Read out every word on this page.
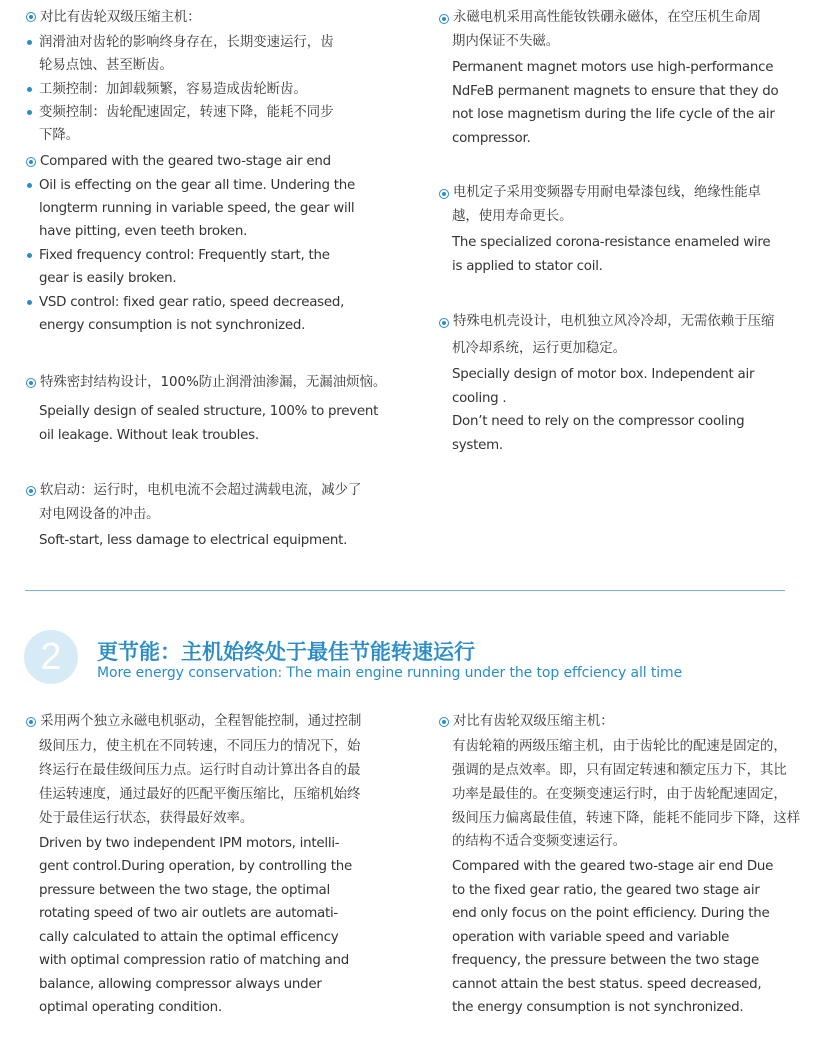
对比有齿轮双级压缩主机：
润滑油对齿轮的影响终身存在，长期变速运行，齿
轮易点蚀、甚至断齿。
工频控制：加卸载频繁，容易造成齿轮断齿。
变频控制：齿轮配速固定，转速下降，能耗不同步
下降。
Compared with the geared two-stage air end
Oil is effecting on the gear all time. Undering the
longterm running in variable speed, the gear will
have pitting, even teeth broken.
Fixed frequency control: Frequently start, the
gear is easily broken.
VSD control: fixed gear ratio, speed decreased,
energy consumption is not synchronized.
特殊密封结构设计，100%防止润滑油渗漏，无漏油烦恼。
Speially design of sealed structure, 100% to prevent
oil leakage. Without leak troubles.
软启动：运行时，电机电流不会超过满载电流，减少了
对电网设备的冲击。
Soft-start, less damage to electrical equipment.
永磁电机采用高性能钕铁硼永磁体，在空压机生命周
期内保证不失磁。
Permanent magnet motors use high-performance
NdFeB permanent magnets to ensure that they do
not lose magnetism during the life cycle of the air
compressor.
电机定子采用变频器专用耐电晕漆包线，绝缘性能卓
越，使用寿命更长。
The specialized corona-resistance enameled wire
is applied to stator coil.
特殊电机壳设计，电机独立风冷冷却，无需依赖于压缩
机冷却系统，运行更加稳定。
Specially design of motor box. Independent air
cooling .
Don’t need to rely on the compressor cooling
system.
2 更节能：主机始终处于最佳节能转速运行
More energy conservation: The main engine running under the top effciency all time
采用两个独立永磁电机驱动，全程智能控制，通过控制
级间压力，使主机在不同转速，不同压力的情况下，始
终运行在最佳级间压力点。运行时自动计算出各自的最
佳运转速度，通过最好的匹配平衡压缩比，压缩机始终
处于最佳运行状态，获得最好效率。
Driven by two independent IPM motors, intelli-
gent control.During operation, by controlling the
pressure between the two stage, the optimal
rotating speed of two air outlets are automati-
cally calculated to attain the optimal efficency
with optimal compression ratio of matching and
balance, allowing compressor always under
optimal operating condition.
对比有齿轮双级压缩主机：
有齿轮箱的两级压缩主机，由于齿轮比的配速是固定的，
强调的是点效率。即，只有固定转速和额定压力下，其比
功率是最佳的。在变频变速运行时，由于齿轮配速固定，
级间压力偏离最佳值，转速下降，能耗不能同步下降，这样
的结构不适合变频变速运行。
Compared with the geared two-stage air end Due
to the fixed gear ratio, the geared two stage air
end only focus on the point efficiency. During the
operation with variable speed and variable
frequency, the pressure between the two stage
cannot attain the best status. speed decreased,
the energy consumption is not synchronized.
